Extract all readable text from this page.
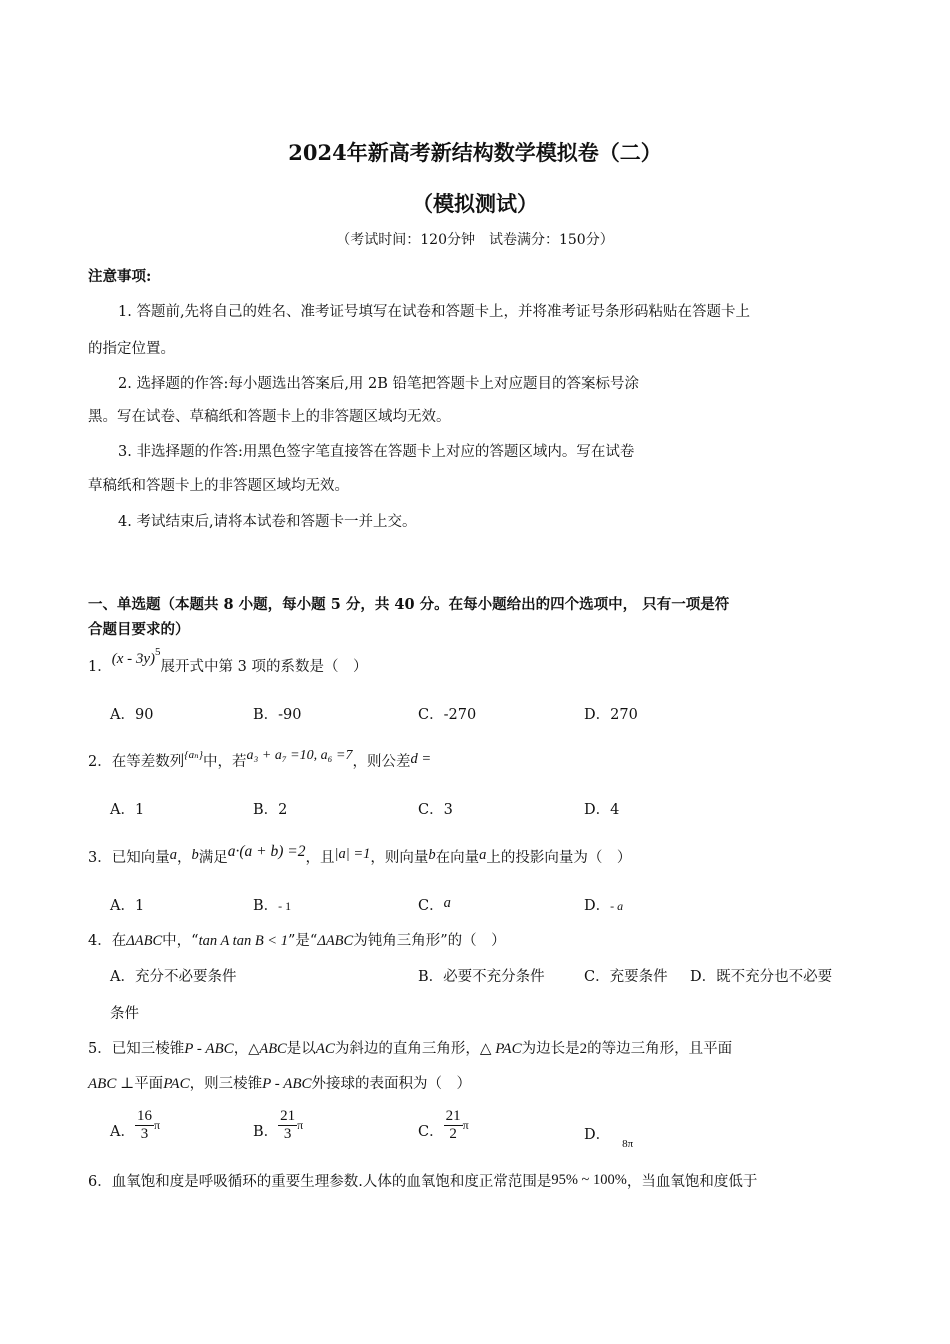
2024年新高考新结构数学模拟卷（二）
（模拟测试）
（考试时间：120分钟　试卷满分：150分）
注意事项:
1. 答题前,先将自己的姓名、准考证号填写在试卷和答题卡上，并将准考证号条形码粘贴在答题卡上
的指定位置。
2. 选择题的作答:每小题选出答案后,用 2B 铅笔把答题卡上对应题目的答案标号涂
黑。写在试卷、草稿纸和答题卡上的非答题区域均无效。
3. 非选择题的作答:用黑色签字笔直接答在答题卡上对应的答题区域内。写在试卷
草稿纸和答题卡上的非答题区域均无效。
4. 考试结束后,请将本试卷和答题卡一并上交。
一、单选题（本题共 8 小题，每小题 5 分，共 40 分。在每小题给出的四个选项中， 只有一项是符
合题目要求的）
1．(x - 3y)$^5$展开式中第 3 项的系数是（　）
A．90	B．-90	C．-270	D．270
2．在等差数列$^{\{a_n\}}$中，若a₃ + a₇ =10, a₆ =7，则公差d =
A．1	B．2	C．3	D．4
3．已知向量a，b满足a·(a + b) =2，且|a| =1，则向量b在向量a上的投影向量为（　）
A．1	B．- 1	C．a	D．- a
4．在ΔABC中，“tan A tan B < 1”是“ΔABC为钝角三角形”的（　）
A．充分不必要条件	B．必要不充分条件	C．充要条件 D．既不充分也不必要
条件
5．已知三棱锥P - ABC，△ABC是以AC为斜边的直角三角形，△ PAC为边长是2的等边三角形，且平面
ABC ⊥平面PAC，则三棱锥P - ABC外接球的表面积为（　）
A． $\frac{16}{3}$ π	B． $\frac{21}{3}$ π	C． $\frac{21}{2}$ π
D．$_{8\pi}$
6．血氧饱和度是呼吸循环的重要生理参数.人体的血氧饱和度正常范围是95% ~ 100%，当血氧饱和度低于
